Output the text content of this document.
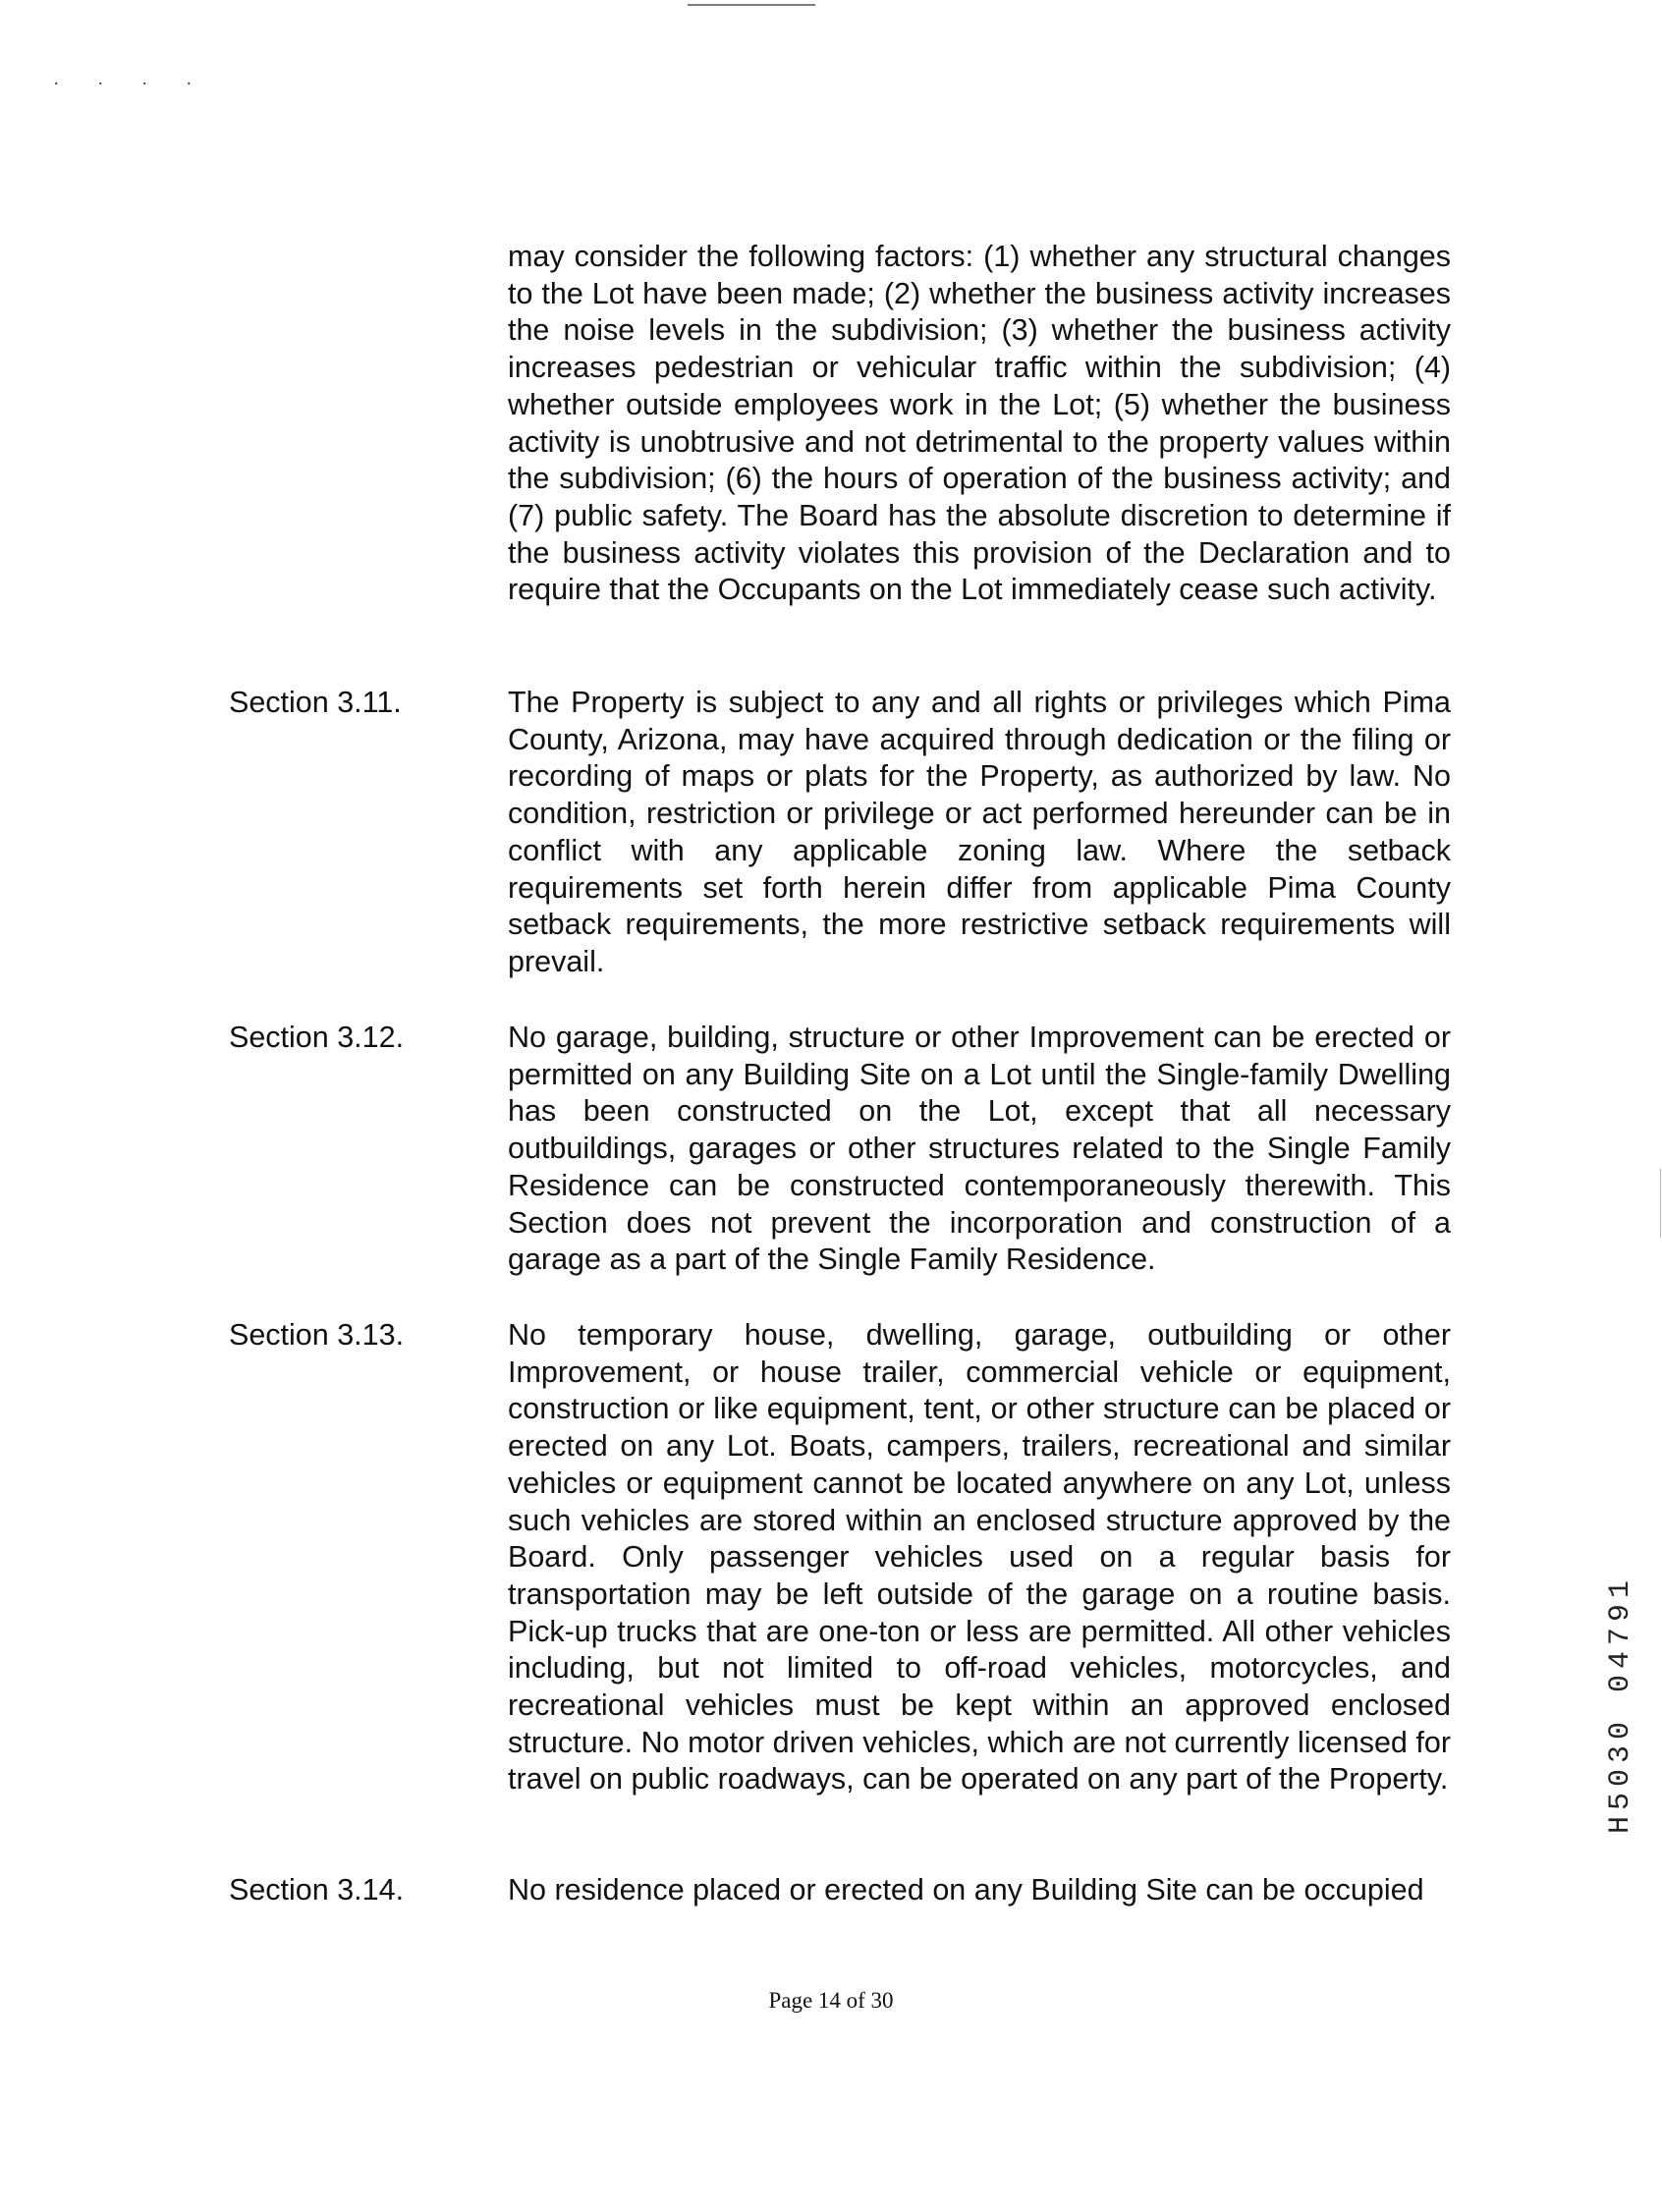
. . . .
may consider the following factors: (1) whether any structural changes to the Lot have been made; (2) whether the business activity increases the noise levels in the subdivision; (3) whether the business activity increases pedestrian or vehicular traffic within the subdivision; (4) whether outside employees work in the Lot; (5) whether the business activity is unobtrusive and not detrimental to the property values within the subdivision; (6) the hours of operation of the business activity; and (7) public safety. The Board has the absolute discretion to determine if the business activity violates this provision of the Declaration and to require that the Occupants on the Lot immediately cease such activity.
Section 3.11.	The Property is subject to any and all rights or privileges which Pima County, Arizona, may have acquired through dedication or the filing or recording of maps or plats for the Property, as authorized by law. No condition, restriction or privilege or act performed hereunder can be in conflict with any applicable zoning law. Where the setback requirements set forth herein differ from applicable Pima County setback requirements, the more restrictive setback requirements will prevail.
Section 3.12.	No garage, building, structure or other Improvement can be erected or permitted on any Building Site on a Lot until the Single-family Dwelling has been constructed on the Lot, except that all necessary outbuildings, garages or other structures related to the Single Family Residence can be constructed contemporaneously therewith. This Section does not prevent the incorporation and construction of a garage as a part of the Single Family Residence.
Section 3.13.	No temporary house, dwelling, garage, outbuilding or other Improvement, or house trailer, commercial vehicle or equipment, construction or like equipment, tent, or other structure can be placed or erected on any Lot. Boats, campers, trailers, recreational and similar vehicles or equipment cannot be located anywhere on any Lot, unless such vehicles are stored within an enclosed structure approved by the Board. Only passenger vehicles used on a regular basis for transportation may be left outside of the garage on a routine basis. Pick-up trucks that are one-ton or less are permitted. All other vehicles including, but not limited to off-road vehicles, motorcycles, and recreational vehicles must be kept within an approved enclosed structure. No motor driven vehicles, which are not currently licensed for travel on public roadways, can be operated on any part of the Property.
Section 3.14.	No residence placed or erected on any Building Site can be occupied
Page 14 of 30
H5030 04791
